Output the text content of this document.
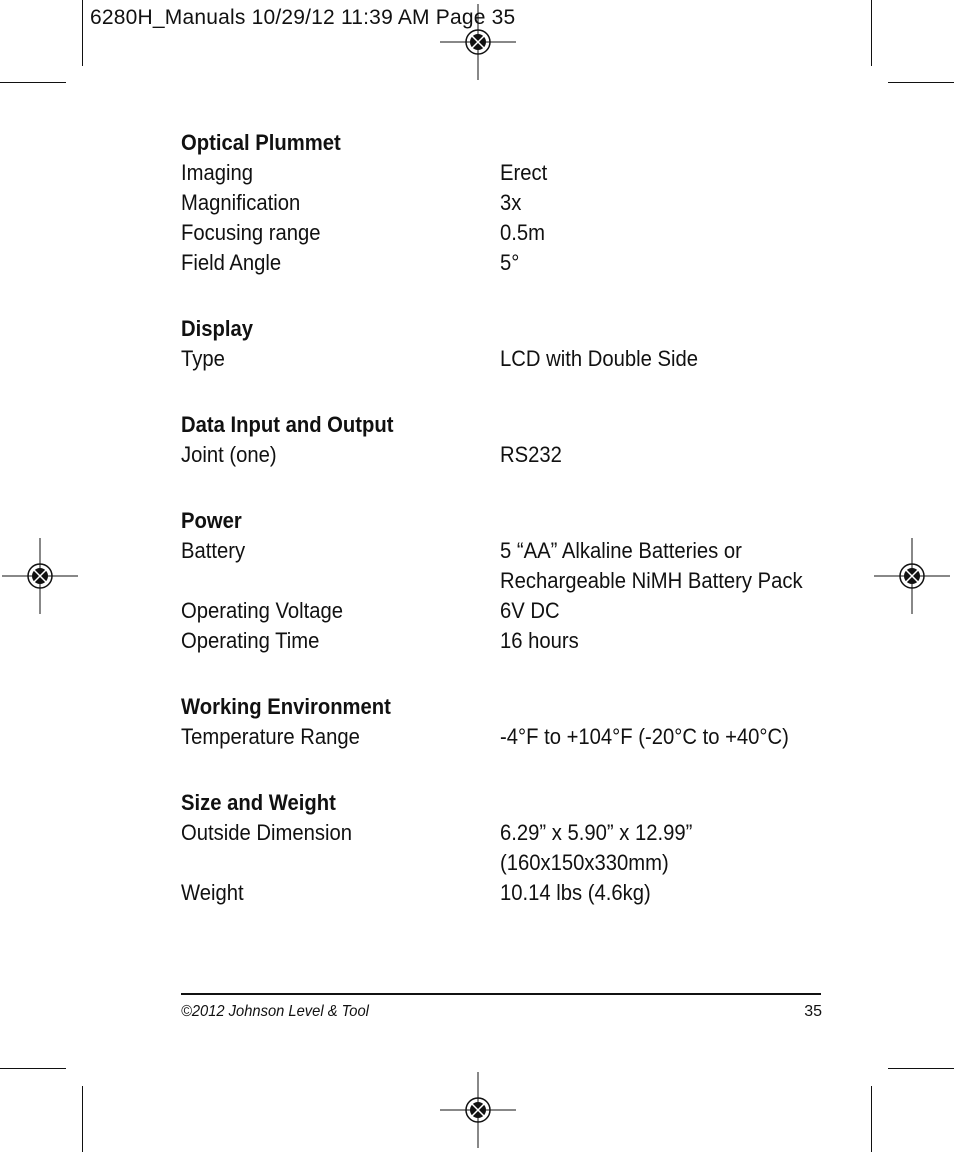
6280H_Manuals 10/29/12 11:39 AM Page 35
Optical Plummet
Imaging	Erect
Magnification	3x
Focusing range	0.5m
Field Angle	5°
Display
Type	LCD with Double Side
Data Input and Output
Joint (one)	RS232
Power
Battery	5 “AA” Alkaline Batteries or
Rechargeable NiMH Battery Pack
Operating Voltage	6V DC
Operating Time	16 hours
Working Environment
Temperature Range	-4°F to +104°F (-20°C to +40°C)
Size and Weight
Outside Dimension	6.29” x 5.90” x 12.99”
(160x150x330mm)
Weight	10.14 lbs (4.6kg)
©2012 Johnson Level & Tool	35
